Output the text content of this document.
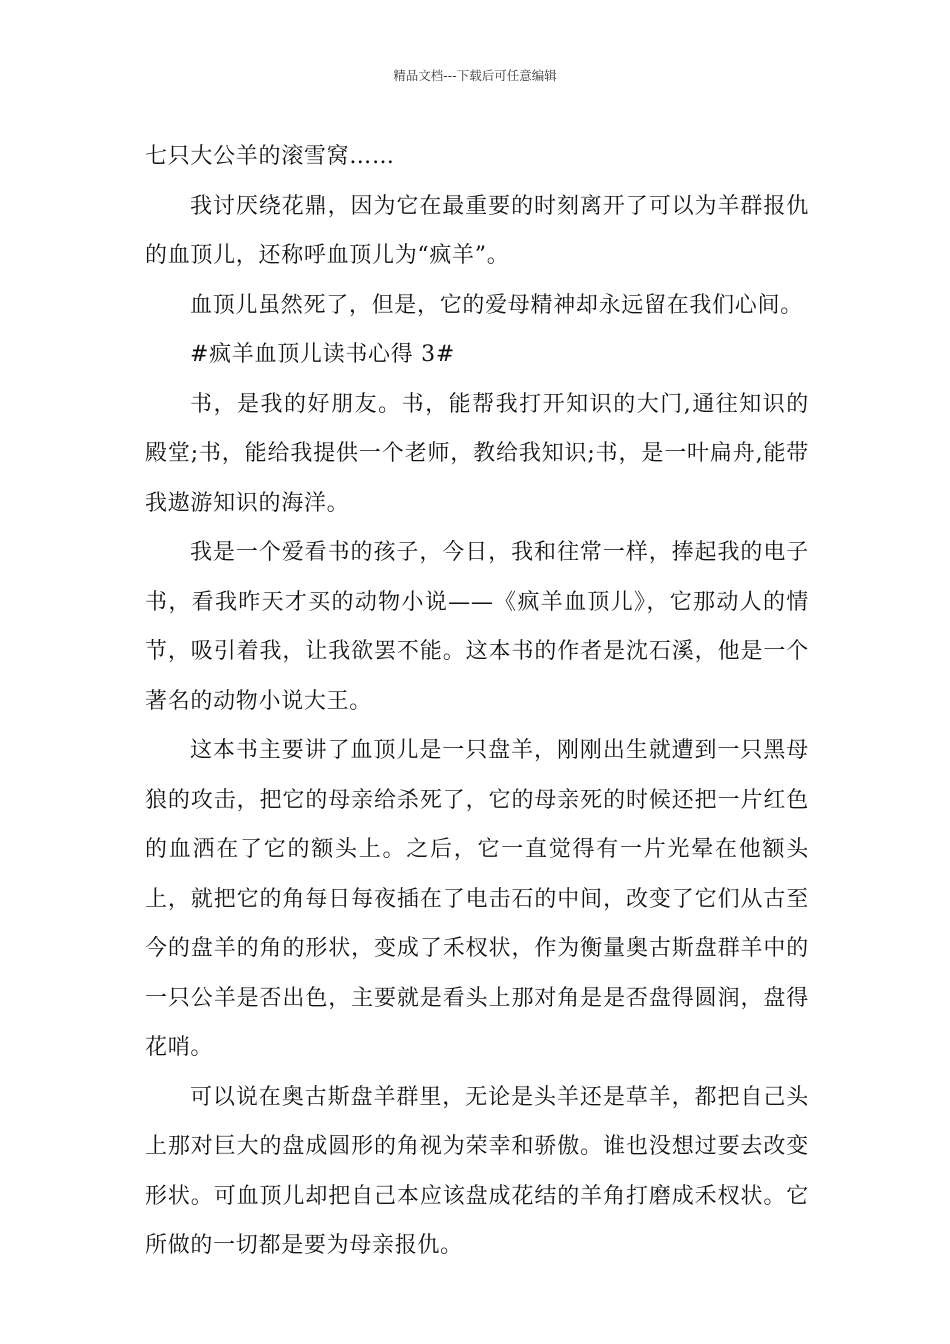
精品文档---下载后可任意编辑

七只大公羊的滚雪窝……

我讨厌绕花鼎，因为它在最重要的时刻离开了可以为羊群报仇的血顶儿，还称呼血顶儿为“疯羊”。

血顶儿虽然死了，但是，它的爱母精神却永远留在我们心间。

#疯羊血顶儿读书心得 3#

书，是我的好朋友。书，能帮我打开知识的大门,通往知识的殿堂;书，能给我提供一个老师，教给我知识;书，是一叶扁舟,能带我遨游知识的海洋。

我是一个爱看书的孩子，今日，我和往常一样，捧起我的电子书，看我昨天才买的动物小说——《疯羊血顶儿》，它那动人的情节，吸引着我，让我欲罢不能。这本书的作者是沈石溪，他是一个著名的动物小说大王。

这本书主要讲了血顶儿是一只盘羊，刚刚出生就遭到一只黑母狼的攻击，把它的母亲给杀死了，它的母亲死的时候还把一片红色的血洒在了它的额头上。之后，它一直觉得有一片光晕在他额头上，就把它的角每日每夜插在了电击石的中间，改变了它们从古至今的盘羊的角的形状，变成了禾杈状，作为衡量奥古斯盘群羊中的一只公羊是否出色，主要就是看头上那对角是是否盘得圆润，盘得花哨。

可以说在奥古斯盘羊群里，无论是头羊还是草羊，都把自己头上那对巨大的盘成圆形的角视为荣幸和骄傲。谁也没想过要去改变形状。可血顶儿却把自己本应该盘成花结的羊角打磨成禾杈状。它所做的一切都是要为母亲报仇。
